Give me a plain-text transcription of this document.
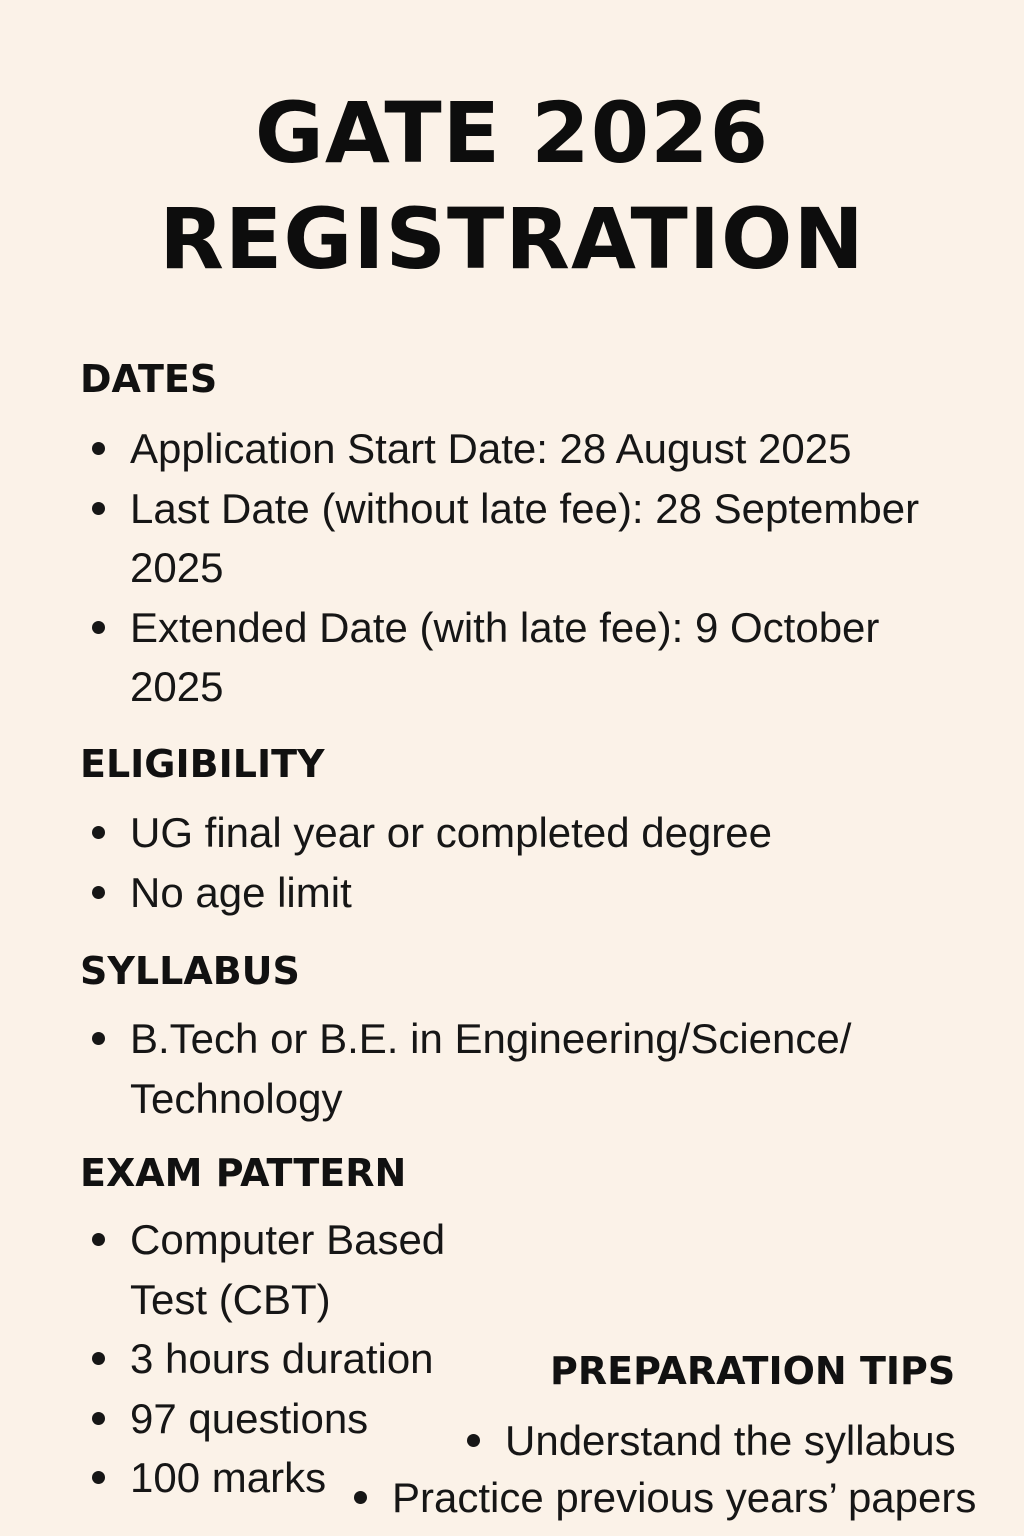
GATE 2026
REGISTRATION
DATES
Application Start Date: 28 August 2025
Last Date (without late fee): 28 September 2025
Extended Date (with late fee): 9 October 2025
ELIGIBILITY
UG final year or completed degree
No age limit
SYLLABUS
B.Tech or B.E. in Engineering/Science/ Technology
EXAM PATTERN
Computer Based Test (CBT)
3 hours duration
97 questions
100 marks
PREPARATION TIPS
Understand the syllabus
Practice previous years’ papers
